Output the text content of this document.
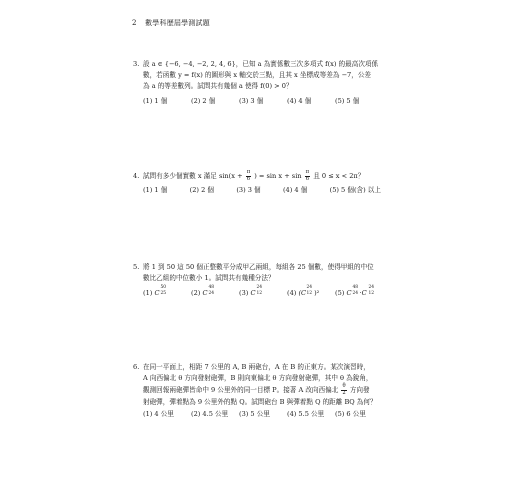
2 數學科歷屆學測試題
3. 設 a ∈ {−6, −4, −2, 2, 4, 6}，已知 a 為實係數三次多項式 f(x) 的最高次項係
數，若函數 y = f(x) 的圖形與 x 軸交於三點，且其 x 坐標成等差為 −7，公差
為 a 的等差數列。試問共有幾個 a 使得 f(0) > 0？
(1) 1 個	(2) 2 個	(3) 3 個	(4) 4 個	(5) 5 個
4. 試問有多少個實數 x 滿足 $\sin(x + \frac{\pi}{6}$ ) = $\sin x + \sin \frac{\pi}{6}$ 且 0 ≤ x < 2π？
(1) 1 個	(2) 2 個	(3) 3 個	(4) 4 個	(5) 5 個(含) 以上
5. 將 1 到 50 這 50 個正整數平分成甲乙兩組，每組各 25 個數，使得甲組的中位
數比乙組的中位數小 1。試問共有幾種分法？
(1) C
50
25	(2) C
48
24	(3) C
24
12	(4) (C
24
12 )²	(5) C
48
24 ·C
24
12
6. 在同一平面上，相距 7 公里的 A, B 兩砲台，A 在 B 的正東方。某次演習時，
A 向西偏北 θ 方向發射砲彈，B 則向東偏北 θ 方向發射砲彈，其中 θ 為銳角，
觀測回報兩砲彈皆命中 9 公里外的同一目標 P。接著 A 改向西偏北 $\frac{\theta}{2}$ 方向發
射砲彈，彈着點為 9 公里外的點 Q。試問砲台 B 與彈着點 Q 的距離 BQ 為何？
(1) 4 公里	(2) 4.5 公里	(3) 5 公里	(4) 5.5 公里	(5) 6 公里
